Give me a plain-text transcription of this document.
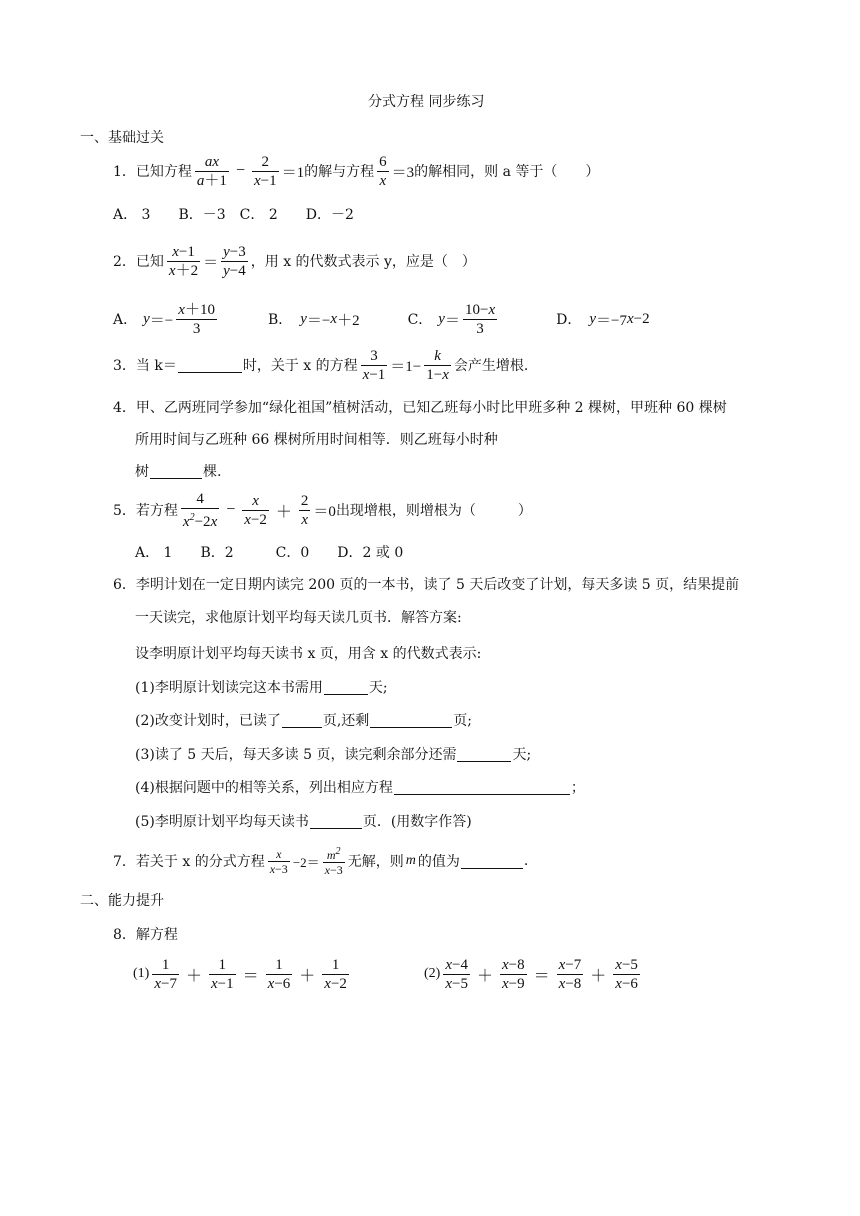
分式方程 同步练习
一、基础过关
1．已知方程 $\frac{ax}{a+1} - \frac{2}{x-1} =1$ 的解与方程 $\frac{6}{x} =3$ 的解相同，则 a 等于（　　）
A． 3　　B．－3　C． 2　　D．－2
2．已知 $\frac{x-1}{x+2} = \frac{y-3}{y-4}$ ，用 x 的代数式表示 y，应是（　）
A． $y =- \frac{x+10}{3}$	B． y ＝− x ＋2	C． $y = \frac{10-x}{3}$	D． y ＝−7 x −2
3．当 k＝	时，关于 x 的方程 $\frac{3}{x-1} =1- \frac{k}{1-x}$ 会产生增根.
4．甲、乙两班同学参加“绿化祖国”植树活动，已知乙班每小时比甲班多种 2 棵树，甲班种 60 棵树
所用时间与乙班种 66 棵树所用时间相等．则乙班每小时种
树	棵.
5．若方程 $\frac{4}{x^2-2x} - \frac{x}{x-2} + \frac{2}{x} =0$ 出现增根，则增根为（　　　）
A． 1　　B．2　　　C．0　　D．2 或 0
6．李明计划在一定日期内读完 200 页的一本书，读了 5 天后改变了计划，每天多读 5 页，结果提前
一天读完，求他原计划平均每天读几页书．解答方案:
设李明原计划平均每天读书 x 页，用含 x 的代数式表示:
(1)李明原计划读完这本书需用	天;
(2)改变计划时，已读了	页,还剩	页;
(3)读了 5 天后，每天多读 5 页，读完剩余部分还需	天;
(4)根据问题中的相等关系，列出相应方程	；
(5)李明原计划平均每天读书	页．(用数字作答)
7．若关于 x 的分式方程 $\frac{x}{x-3} -2= \frac{m^2}{x-3}$ 无解，则 m 的值为	.
二、能力提升
8．解方程
$(1) \frac{1}{x-7} + \frac{1}{x-1} = \frac{1}{x-6} + \frac{1}{x-2}$	$(2) \frac{x-4}{x-5} + \frac{x-8}{x-9} = \frac{x-7}{x-8} + \frac{x-5}{x-6}$
